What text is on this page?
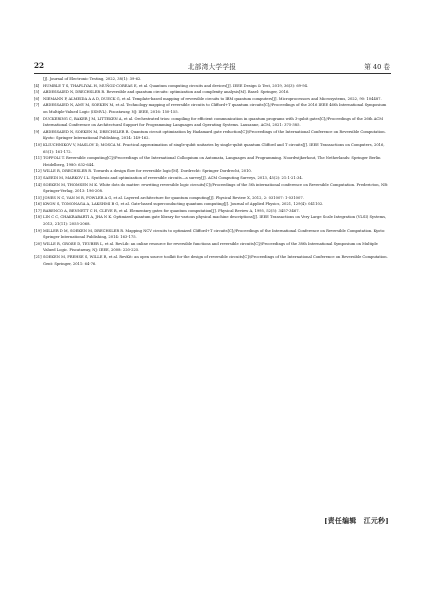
22	北部湾大学学报	第 40 卷
[J]. Journal of Electronic Testing, 2022, 38(1): 39-62.
[4] HUMBLE T S, THAPLIYAL H, MUÑOZ-COREAS E, et al. Quantum computing circuits and devices[J]. IEEE Design & Test, 2019, 36(3): 69-94.
[5] ABDESSAIED N, DRECHSLER R. Reversible and quantum circuits: optimization and complexity analysis[M]. Basel: Springer, 2016.
[6] NIEMANN P, ALMEIDA A A D, DUECK G, et al. Template-based mapping of reversible circuits to IBM quantum computers[J]. Microprocessors and Microsystems, 2022, 90: 104487.
[7] ABDESSAIED N, AMY M, SOEKEN M, et al. Technology mapping of reversible circuits to Clifford+T quantum circuits[C]//Proceedings of the 2016 IEEE 46th International Symposium on Multiple-Valued Logic (ISMVL). Piscataway, NJ: IEEE, 2016: 150-155.
[8] DUCKERING C, BAKER J M, LITTEKEN A, et al. Orchestrated trios: compiling for efficient communication in quantum programs with 3-qubit gates[C]//Proceedings of the 26th ACM International Conference on Architectural Support for Programming Languages and Operating Systems. Lausanne, ACM, 2021: 375-385.
[9] ABDESSAIED N, SOEKEN M, DRECHSLER R. Quantum circuit optimization by Hadamard gate reduction[C]//Proceedings of the International Conference on Reversible Computation. Kyoto: Springer International Publishing, 2014: 149-162.
[10] KLIUCHNIKOV V, MASLOV D, MOSCA M. Practical approximation of single-qubit unitaries by single-qubit quantum Clifford and T circuits[J]. IEEE Transactions on Computers, 2016, 65(1): 161-172.
[11] TOFFOLI T. Reversible computing[C]//Proceedings of the International Colloquium on Automata, Languages and Programming. Noordwijkerhout, The Netherlands: Springer Berlin Heidelberg, 1980: 632-644.
[12] WILLE R, DRECHSLER R. Towards a design flow for reversible logic[M]. Dordrecht: Springer Dordrecht, 2010.
[13] SAEEDI M, MARKOV I L. Synthesis and optimization of reversible circuits—a survey[J]. ACM Computing Surveys, 2013, 45(2): 21:1-21:34.
[14] SOEKEN M, THOMSEN M K. White dots do matter: rewriting reversible logic circuits[C]//Proceedings of the 5th international conference on Reversible Computation. Fredericton, NB: Springer-Verlag, 2013: 196-208.
[15] JONES N C, VAN M R, FOWLER A G, et al. Layered architecture for quantum computing[J]. Physical Review X, 2012, 2: 031007: 1-031007.
[16] KWON S, TOMONAGA A, LAKSHMI B G, et al. Gate-based superconducting quantum computing[J]. Journal of Applied Physics, 2021, 129(4): 041102.
[17] BARENCO A, BENNETT C H, CLEVE R, et al. Elementary gates for quantum computation[J]. Physical Review A, 1995, 52(5): 3457-3467.
[18] LIN C C, CHAKRABARTI A, JHA N K. Optimized quantum gate library for various physical machine descriptions[J]. IEEE Transactions on Very Large Scale Integration (VLSI) Systems, 2013, 21(11): 2055-2068.
[19] MILLER D M, SOEKEN M, DRECHSLER R. Mapping NCV circuits to optimized Clifford+T circuits[C]//Proceedings of the International Conference on Reversible Computation. Kyoto: Springer International Publishing, 2014: 163-175.
[20] WILLE R, GROßE D, TEUBER L, et al. RevLib: an online resource for reversible functions and reversible circuits[C]//Proceedings of the 38th International Symposium on Multiple Valued Logic. Piscataway, NJ: IEEE, 2008: 220-225.
[21] SOEKEN M, FREHSE S, WILLE R, et al. RevKit: an open source toolkit for the design of reversible circuits[C]//Proceedings of the International Conference on Reversible Computation. Gent: Springer, 2011: 64-76.
[责任编辑　江元秒]
